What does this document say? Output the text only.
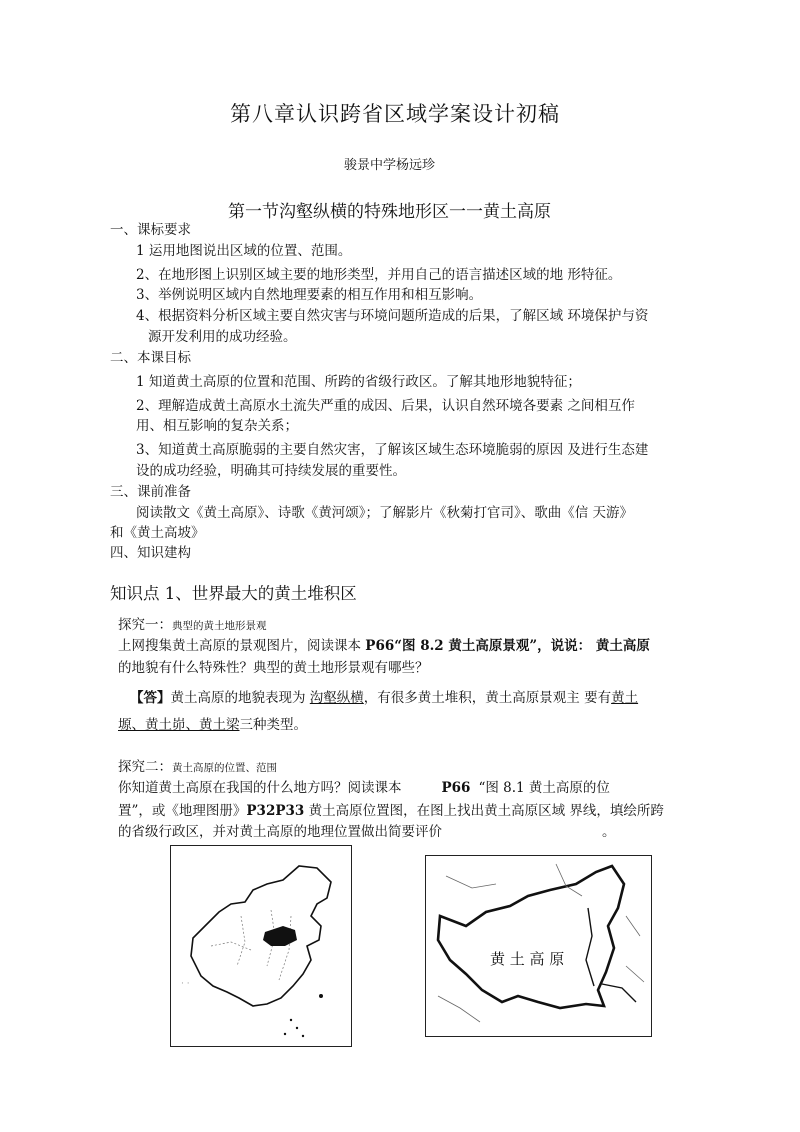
第八章认识跨省区域学案设计初稿
骏景中学杨远珍
第一节沟壑纵横的特殊地形区一一黄土高原
一、课标要求
1 运用地图说出区域的位置、范围。
2、在地形图上识别区域主要的地形类型，并用自己的语言描述区域的地 形特征。
3、举例说明区域内自然地理要素的相互作用和相互影响。
4、根据资料分析区域主要自然灾害与环境问题所造成的后果，了解区域 环境保护与资
源开发利用的成功经验。
二、本课目标
1 知道黄土高原的位置和范围、所跨的省级行政区。了解其地形地貌特征；
2、理解造成黄土高原水土流失严重的成因、后果，认识自然环境各要素 之间相互作
用、相互影响的复杂关系；
3、知道黄土高原脆弱的主要自然灾害，了解该区域生态环境脆弱的原因 及进行生态建
设的成功经验，明确其可持续发展的重要性。
三、课前准备
阅读散文《黄土高原》、诗歌《黄河颂》；了解影片《秋菊打官司》、歌曲《信 天游》
和《黄土高坡》
四、知识建构
知识点 1、世界最大的黄土堆积区
探究一：典型的黄土地形景观
上网搜集黄土高原的景观图片，阅读课本 P66“图 8.2 黄土高原景观”，说说： 黄土高原
的地貌有什么特殊性？典型的黄土地形景观有哪些？
【答】黄土高原的地貌表现为 沟壑纵横，有很多黄土堆积，黄土高原景观主 要有黄土
塬、黄土峁、黄土梁三种类型。
探究二：黄土高原的位置、范围
你知道黄土高原在我国的什么地方吗？阅读课本	P66 “图 8.1 黄土高原的位
置”，或《地理图册》P32P33 黄土高原位置图，在图上找出黄土高原区域 界线，填绘所跨
的省级行政区，并对黄土高原的地理位置做出简要评价	。
· ·
黄 土 高 原
